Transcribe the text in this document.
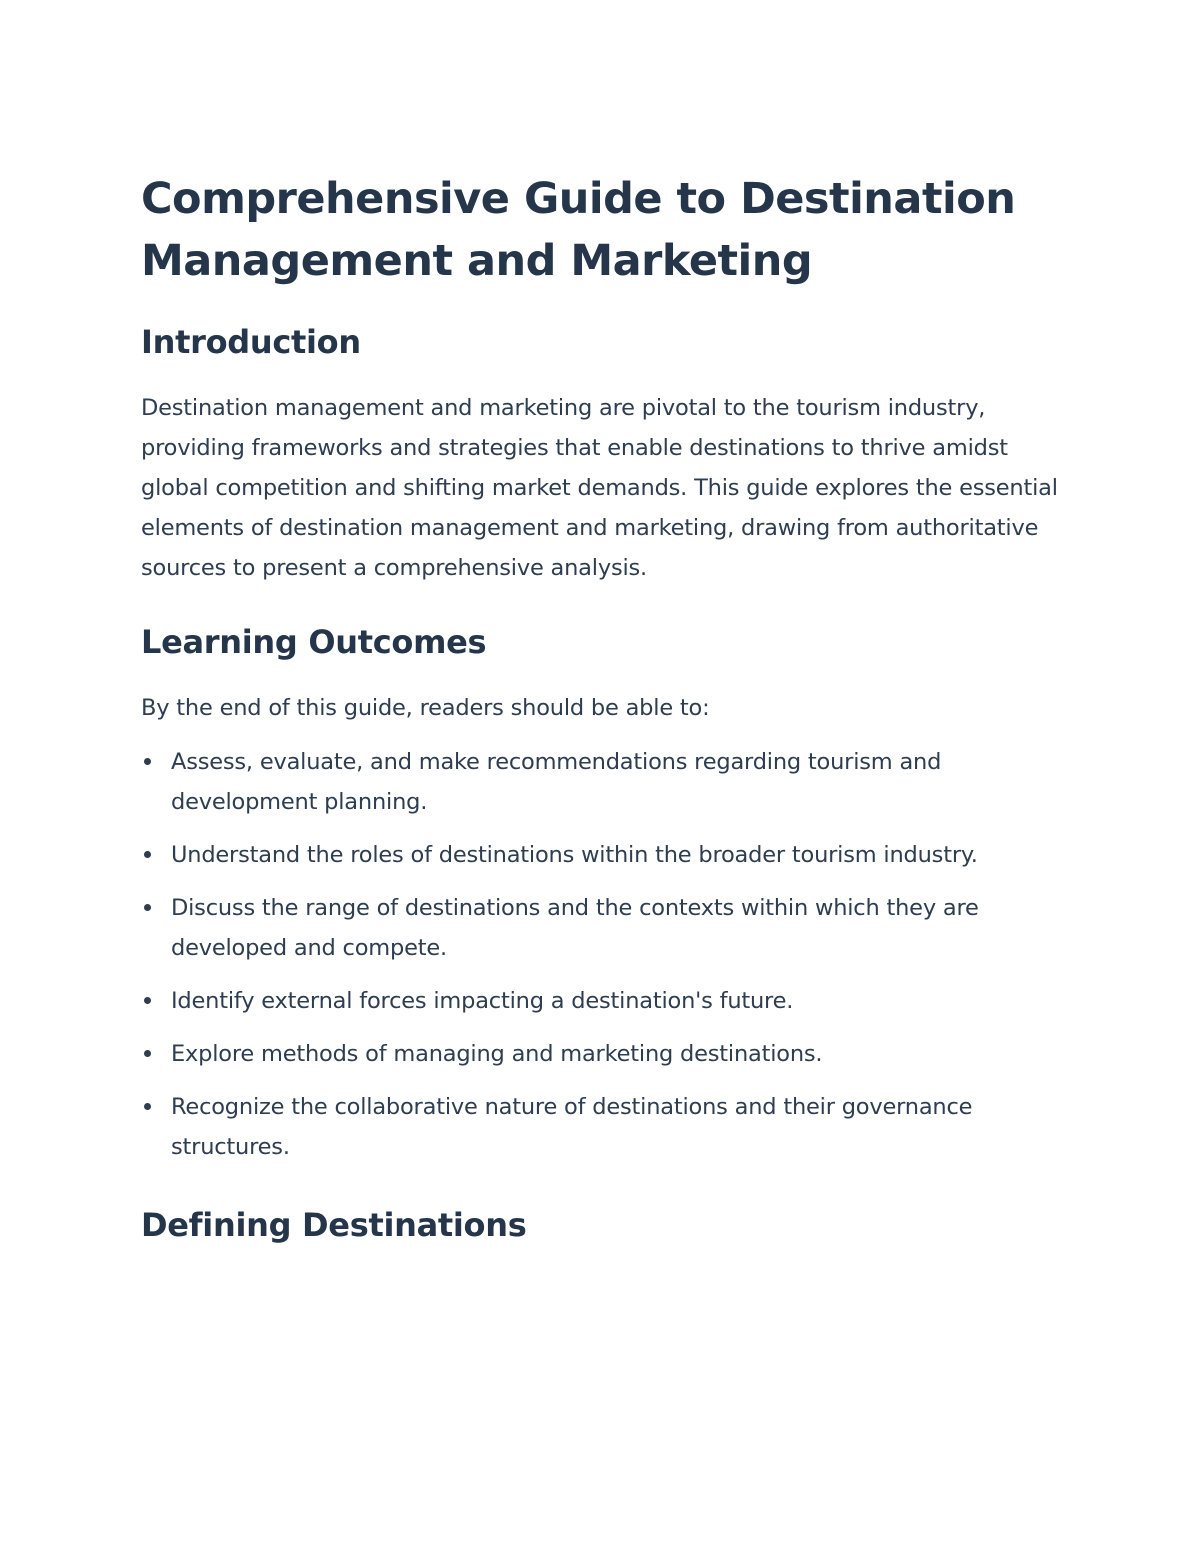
Comprehensive Guide to Destination Management and Marketing
Introduction

Destination management and marketing are pivotal to the tourism industry, providing frameworks and strategies that enable destinations to thrive amidst global competition and shifting market demands. This guide explores the essential elements of destination management and marketing, drawing from authoritative sources to present a comprehensive analysis.

Learning Outcomes

By the end of this guide, readers should be able to:

Assess, evaluate, and make recommendations regarding tourism and development planning.
Understand the roles of destinations within the broader tourism industry.
Discuss the range of destinations and the contexts within which they are developed and compete.
Identify external forces impacting a destination's future.
Explore methods of managing and marketing destinations.
Recognize the collaborative nature of destinations and their governance structures.
Defining Destinations
